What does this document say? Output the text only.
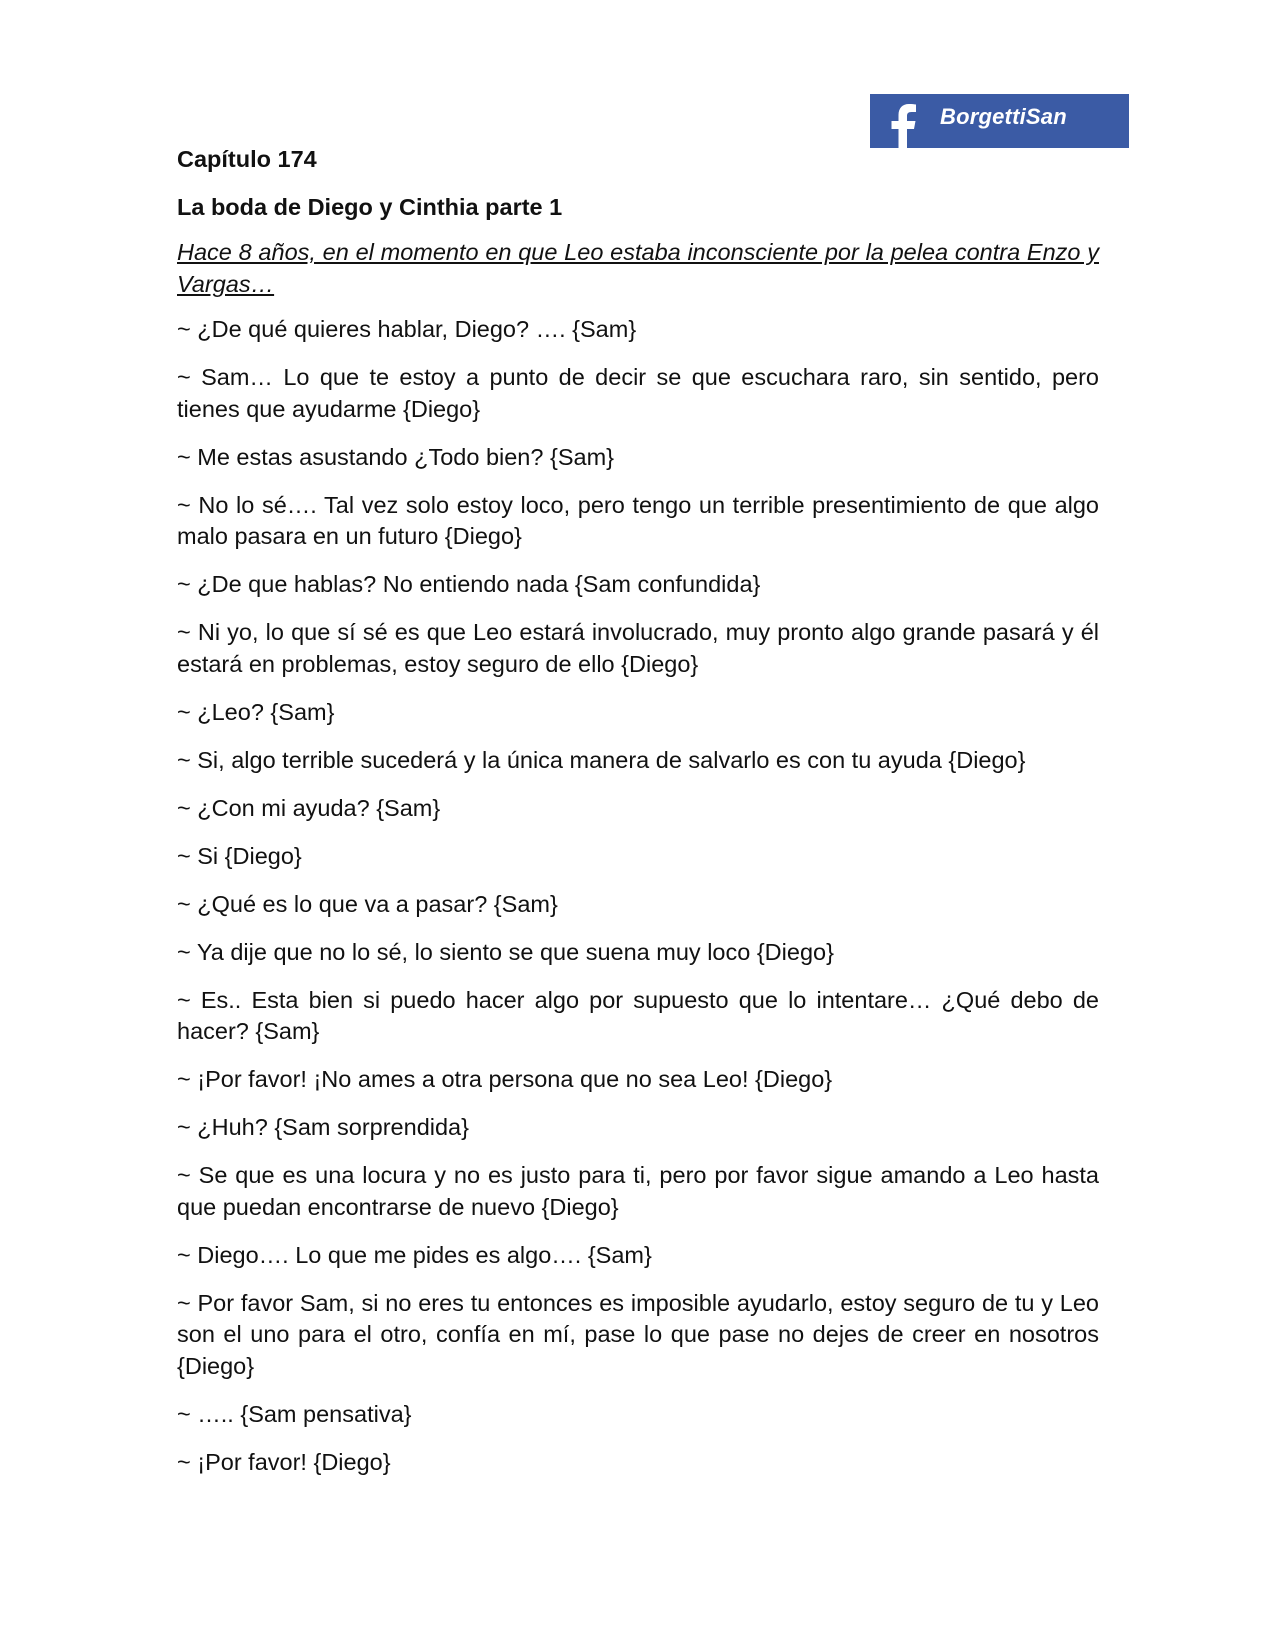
BorgettiSan
Capítulo 174
La boda de Diego y Cinthia parte 1
Hace 8 años, en el momento en que Leo estaba inconsciente por la pelea contra Enzo y Vargas…
~ ¿De qué quieres hablar, Diego? …. {Sam}
~ Sam… Lo que te estoy a punto de decir se que escuchara raro, sin sentido, pero tienes que ayudarme {Diego}
~ Me estas asustando ¿Todo bien? {Sam}
~ No lo sé…. Tal vez solo estoy loco, pero tengo un terrible presentimiento de que algo malo pasara en un futuro {Diego}
~ ¿De que hablas? No entiendo nada {Sam confundida}
~ Ni yo, lo que sí sé es que Leo estará involucrado, muy pronto algo grande pasará y él estará en problemas, estoy seguro de ello {Diego}
~ ¿Leo? {Sam}
~ Si, algo terrible sucederá y la única manera de salvarlo es con tu ayuda {Diego}
~ ¿Con mi ayuda? {Sam}
~ Si {Diego}
~ ¿Qué es lo que va a pasar? {Sam}
~ Ya dije que no lo sé, lo siento se que suena muy loco {Diego}
~ Es.. Esta bien si puedo hacer algo por supuesto que lo intentare… ¿Qué debo de hacer? {Sam}
~ ¡Por favor! ¡No ames a otra persona que no sea Leo! {Diego}
~ ¿Huh? {Sam sorprendida}
~ Se que es una locura y no es justo para ti, pero por favor sigue amando a Leo hasta que puedan encontrarse de nuevo {Diego}
~ Diego…. Lo que me pides es algo…. {Sam}
~ Por favor Sam, si no eres tu entonces es imposible ayudarlo, estoy seguro de tu y Leo son el uno para el otro, confía en mí, pase lo que pase no dejes de creer en nosotros {Diego}
~ ….. {Sam pensativa}
~ ¡Por favor! {Diego}
